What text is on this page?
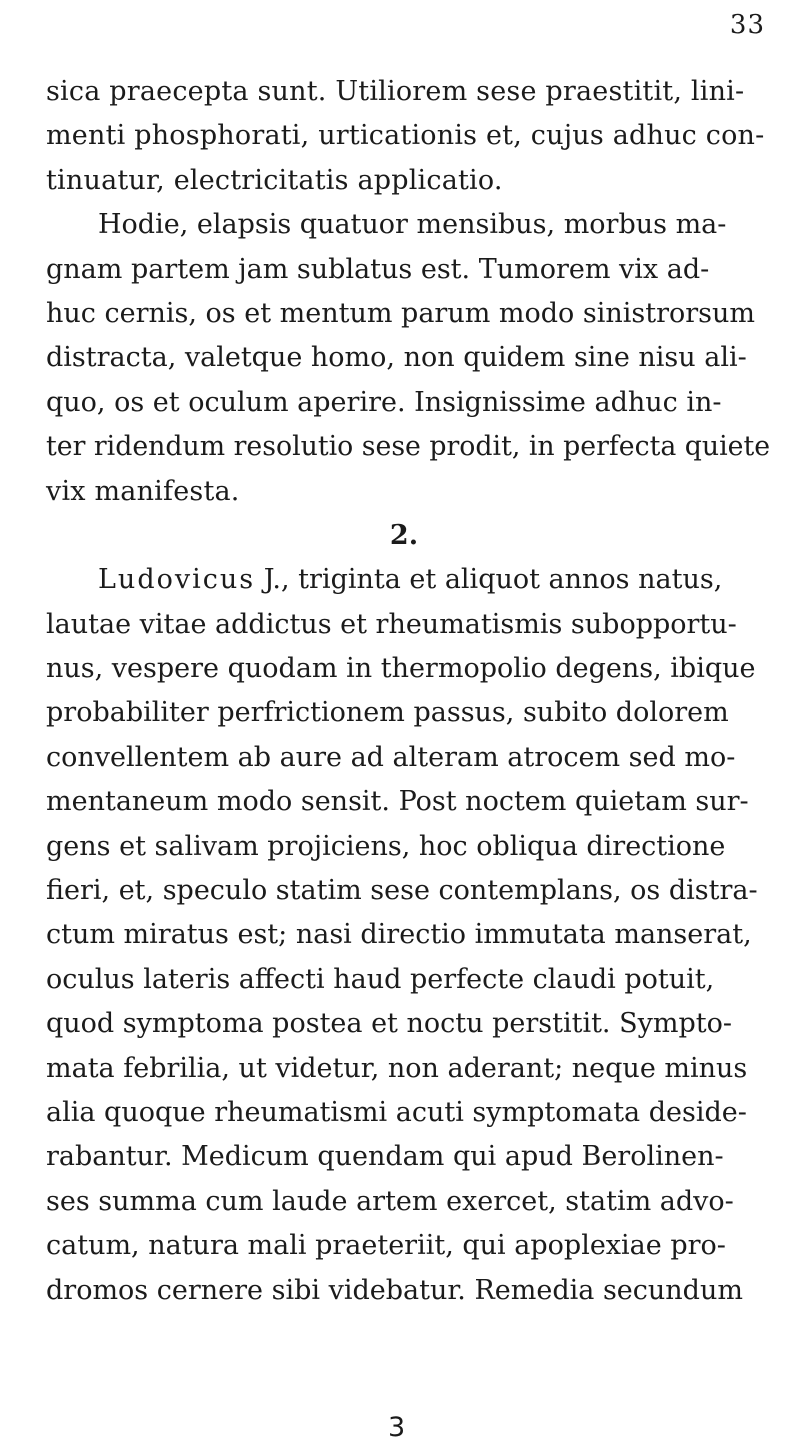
33
sica praecepta sunt. Utiliorem sese praestitit, lini-
menti phosphorati, urticationis et, cujus adhuc con-
tinuatur, electricitatis applicatio.
Hodie, elapsis quatuor mensibus, morbus ma-
gnam partem jam sublatus est. Tumorem vix ad-
huc cernis, os et mentum parum modo sinistrorsum
distracta, valetque homo, non quidem sine nisu ali-
quo, os et oculum aperire. Insignissime adhuc in-
ter ridendum resolutio sese prodit, in perfecta quiete
vix manifesta.
2.
Ludovicus J., triginta et aliquot annos natus,
lautae vitae addictus et rheumatismis subopportu-
nus, vespere quodam in thermopolio degens, ibique
probabiliter perfrictionem passus, subito dolorem
convellentem ab aure ad alteram atrocem sed mo-
mentaneum modo sensit. Post noctem quietam sur-
gens et salivam projiciens, hoc obliqua directione
fieri, et, speculo statim sese contemplans, os distra-
ctum miratus est; nasi directio immutata manserat,
oculus lateris affecti haud perfecte claudi potuit,
quod symptoma postea et noctu perstitit. Sympto-
mata febrilia, ut videtur, non aderant; neque minus
alia quoque rheumatismi acuti symptomata deside-
rabantur. Medicum quendam qui apud Berolinen-
ses summa cum laude artem exercet, statim advo-
catum, natura mali praeteriit, qui apoplexiae pro-
dromos cernere sibi videbatur. Remedia secundum
3
